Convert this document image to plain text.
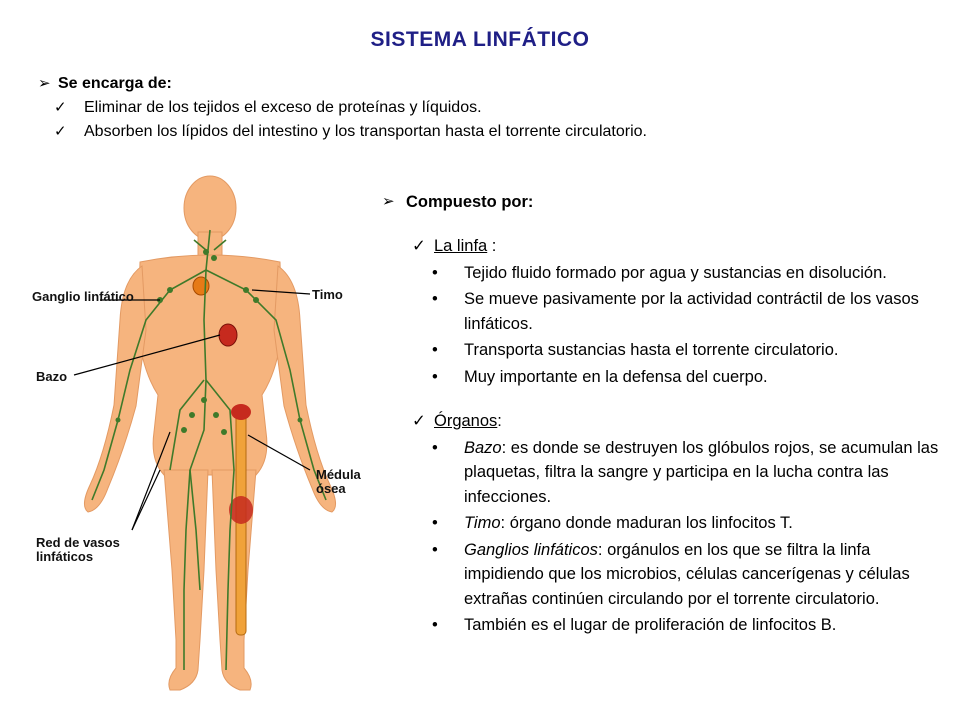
SISTEMA LINFÁTICO
➢ Se encarga de:
✓	Eliminar de los tejidos el exceso de proteínas y líquidos.
✓	Absorben los lípidos del intestino y los transportan hasta el torrente circulatorio.
Ganglio linfático	Timo
Bazo
Médula ósea
Red de vasos linfáticos
➢ Compuesto por:
✓ La linfa :
• Tejido fluido formado por agua y sustancias en disolución.
• Se mueve pasivamente por la actividad contráctil de los vasos linfáticos.
• Transporta sustancias hasta el torrente circulatorio.
• Muy importante en la defensa del cuerpo.
✓ Órganos:
• Bazo: es donde se destruyen los glóbulos rojos, se acumulan las plaquetas, filtra la sangre y participa en la lucha contra las infecciones.
• Timo: órgano donde maduran los linfocitos T.
• Ganglios linfáticos: orgánulos en los que se filtra la linfa impidiendo que los microbios, células cancerígenas y células extrañas continúen circulando por el torrente circulatorio.
• También es el lugar de proliferación de linfocitos B.
